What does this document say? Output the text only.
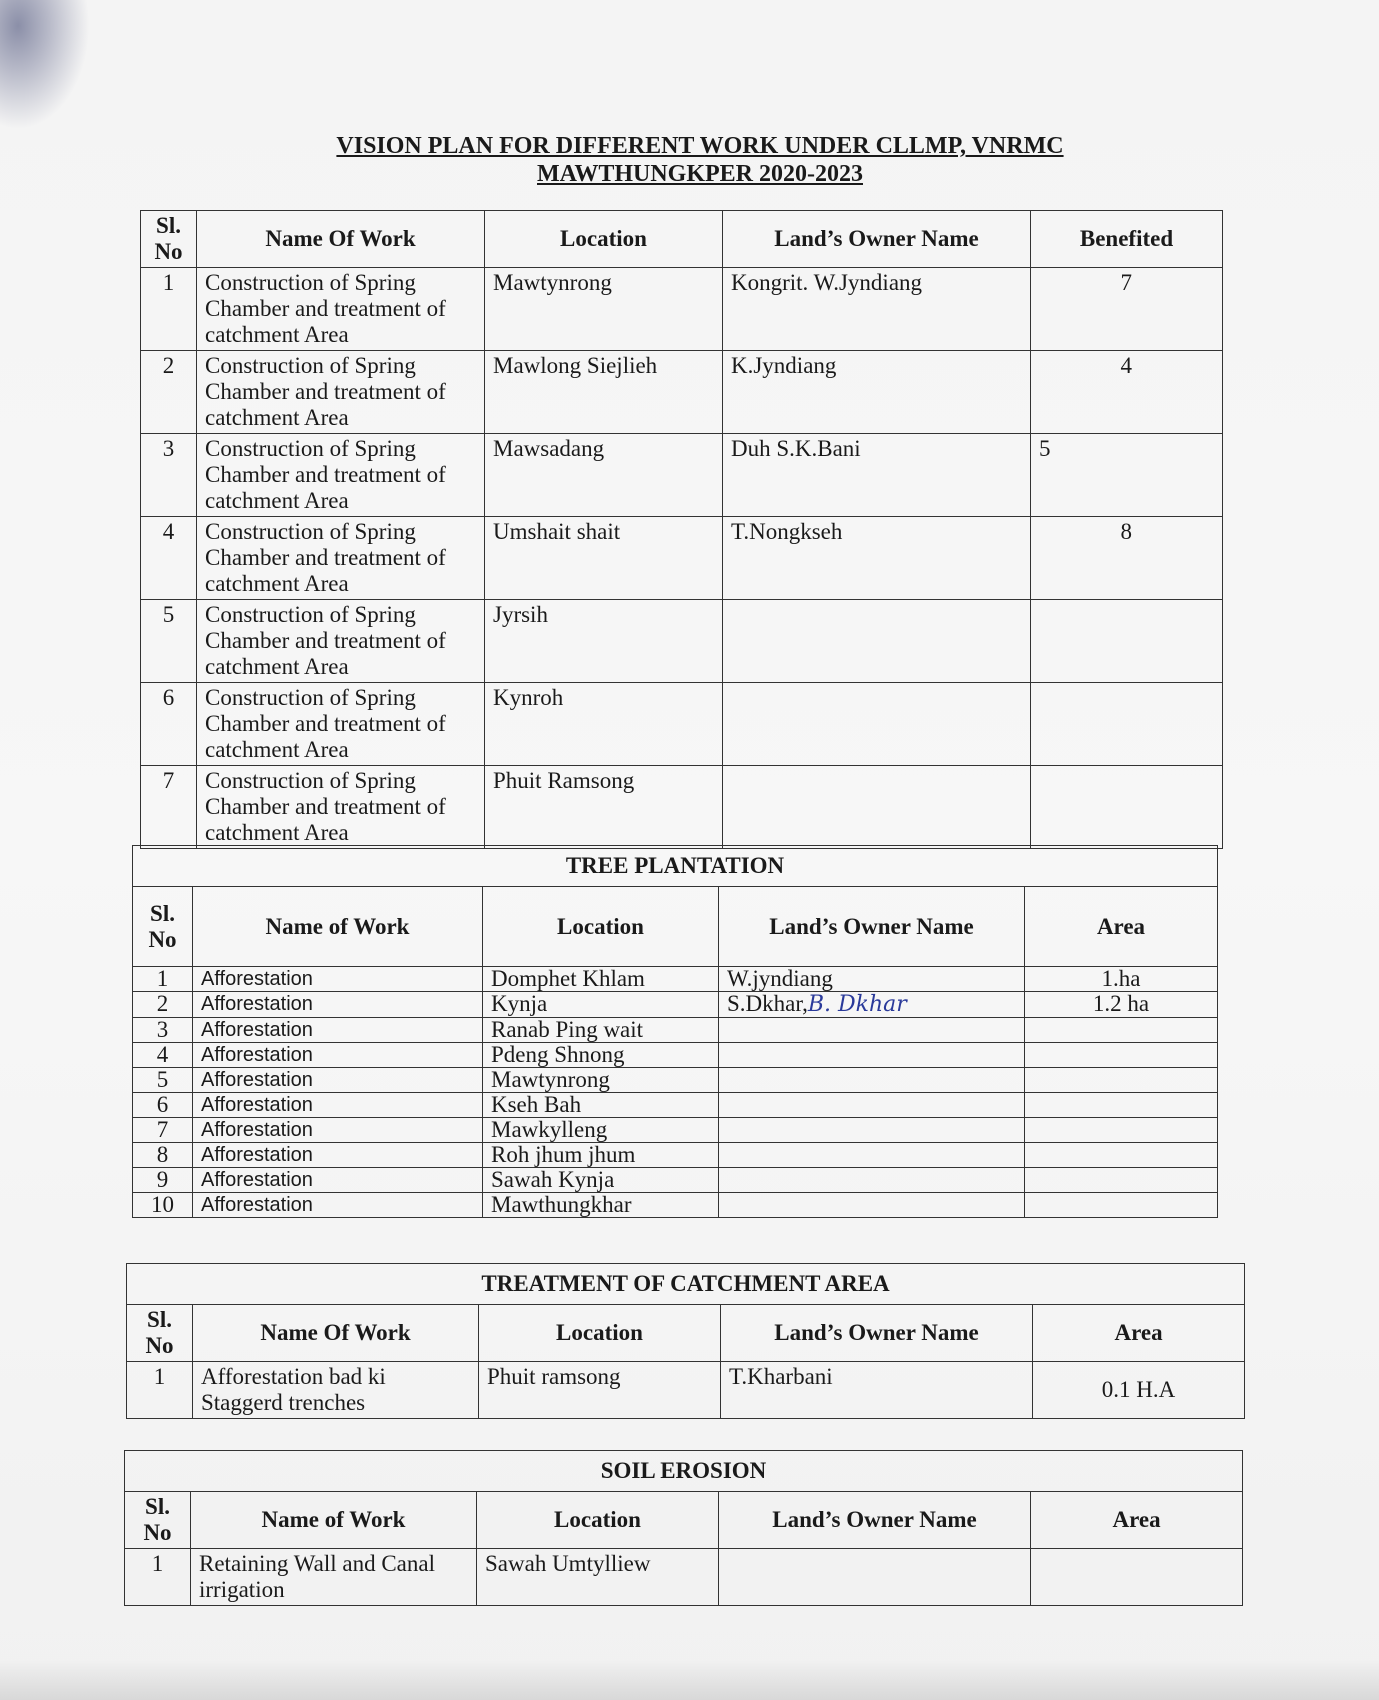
VISION PLAN FOR DIFFERENT WORK UNDER CLLMP, VNRMC
MAWTHUNGKPER 2020-2023
Sl. No	Name Of Work	Location	Land’s Owner Name	Benefited
1	Construction of Spring Chamber and treatment of catchment Area	Mawtynrong	Kongrit. W.Jyndiang	7
2	Construction of Spring Chamber and treatment of catchment Area	Mawlong Siejlieh	K.Jyndiang	4
3	Construction of Spring Chamber and treatment of catchment Area	Mawsadang	Duh S.K.Bani	5
4	Construction of Spring Chamber and treatment of catchment Area	Umshait shait	T.Nongkseh	8
5	Construction of Spring Chamber and treatment of catchment Area	Jyrsih		
6	Construction of Spring Chamber and treatment of catchment Area	Kynroh		
7	Construction of Spring Chamber and treatment of catchment Area	Phuit Ramsong		
TREE PLANTATION				
Sl. No	Name of Work	Location	Land’s Owner Name	Area
1	Afforestation	Domphet Khlam	W.jyndiang	1.ha
2	Afforestation	Kynja	S.Dkhar,B. Dkhar	1.2 ha
3	Afforestation	Ranab Ping wait		
4	Afforestation	Pdeng Shnong		
5	Afforestation	Mawtynrong		
6	Afforestation	Kseh Bah		
7	Afforestation	Mawkylleng		
8	Afforestation	Roh jhum jhum		
9	Afforestation	Sawah Kynja		
10	Afforestation	Mawthungkhar		
TREATMENT OF CATCHMENT AREA				
Sl. No	Name Of Work	Location	Land’s Owner Name	Area
1	Afforestation bad ki Staggerd trenches	Phuit ramsong	T.Kharbani	0.1 H.A
SOIL EROSION				
Sl. No	Name of Work	Location	Land’s Owner Name	Area
1	Retaining Wall and Canal irrigation	Sawah Umtylliew		
